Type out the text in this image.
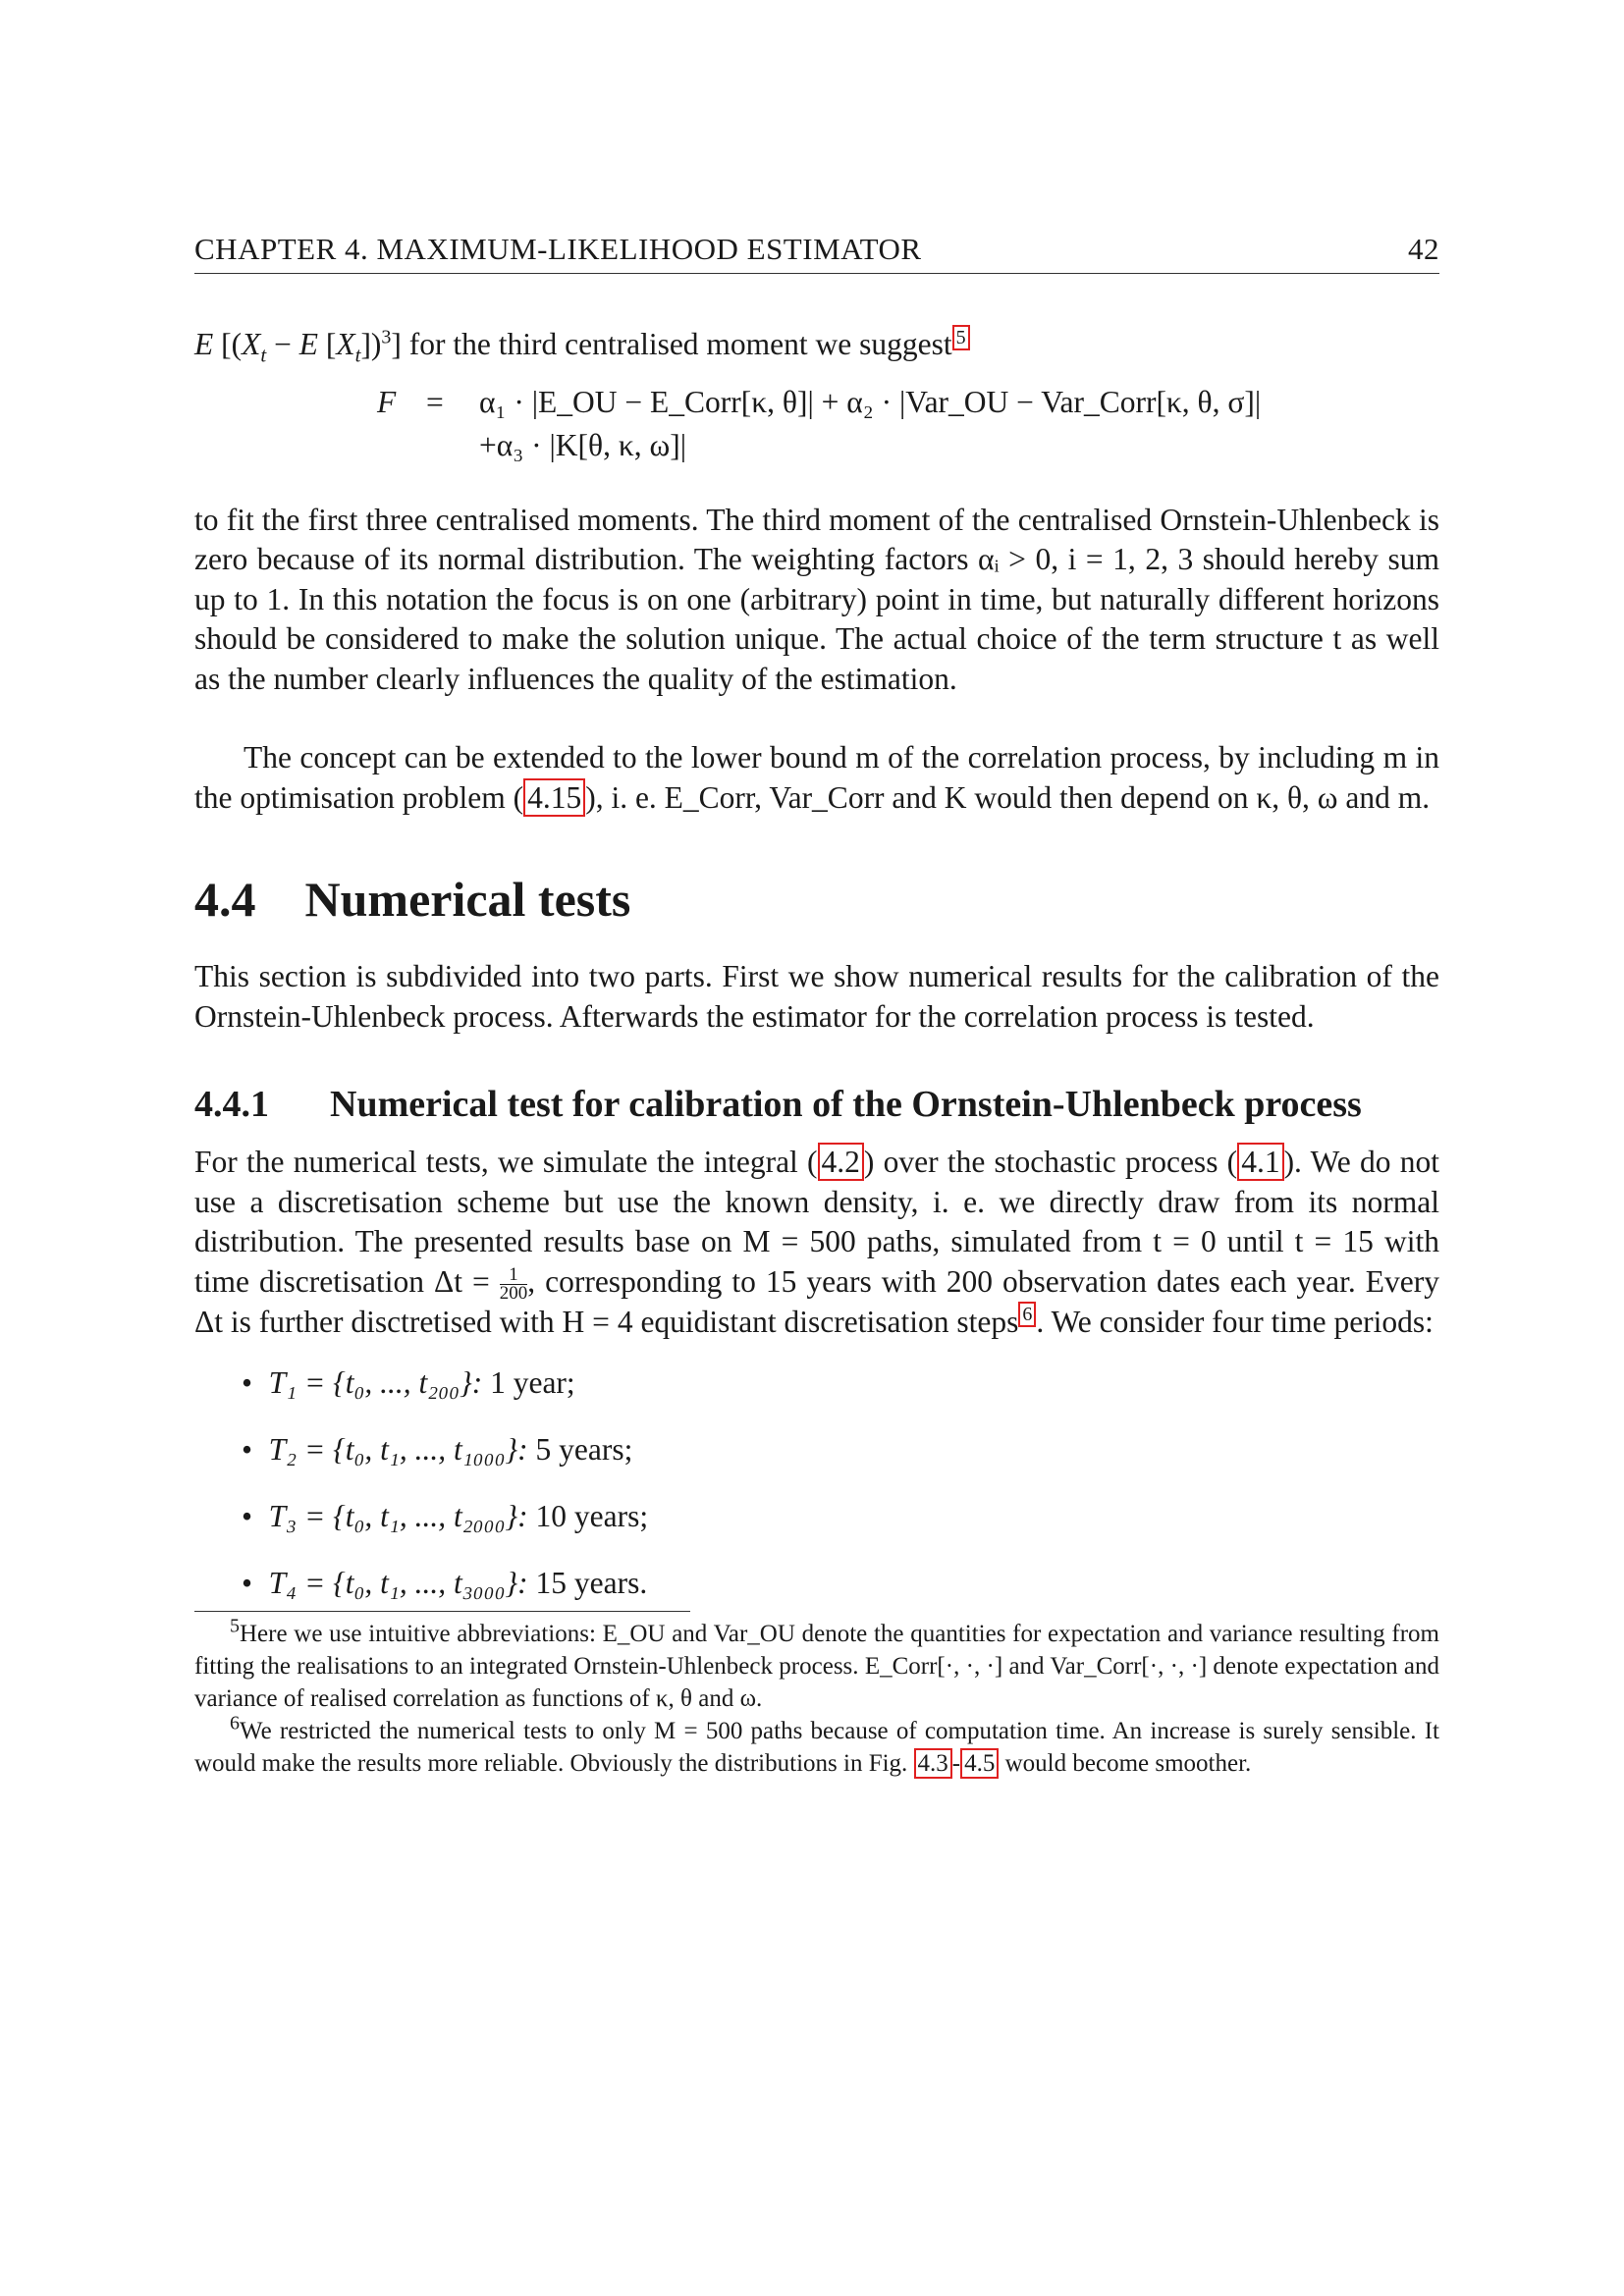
CHAPTER 4. MAXIMUM-LIKELIHOOD ESTIMATOR	42

E [($X_t - E$ $[X_t])^3$] for the third centralised moment we suggest $^5$

F = α₁ · |E_OU − E_Corr[κ, θ]| + α₂ · |Var_OU − Var_Corr[κ, θ, σ]|
+α₃ · |K[θ, κ, ω]|

to fit the first three centralised moments. The third moment of the centralised Ornstein-Uhlenbeck is zero because of its normal distribution. The weighting factors αᵢ > 0, i = 1, 2, 3 should hereby sum up to 1. In this notation the focus is on one (arbitrary) point in time, but naturally different horizons should be considered to make the solution unique. The actual choice of the term structure t as well as the number clearly influences the quality of the estimation.

The concept can be extended to the lower bound m of the correlation process, by including m in the optimisation problem ( 4.15 ), i. e. E_Corr, Var_Corr and K would then depend on κ, θ, ω and m.

4.4 Numerical tests

This section is subdivided into two parts. First we show numerical results for the calibration of the Ornstein-Uhlenbeck process. Afterwards the estimator for the correlation process is tested.

4.4.1	Numerical test for calibration of the Ornstein-Uhlenbeck process

For the numerical tests, we simulate the integral ( 4.2 ) over the stochastic process ( 4.1 ). We do not use a discretisation scheme but use the known density, i. e. we directly draw from its normal distribution. The presented results base on M = 500 paths, simulated from t = 0 until t = 15 with time discretisation $\Delta t = \frac{1}{200}$ , corresponding to 15 years with 200 observation dates each year. Every Δt is further disctretised with H = 4 equidistant discretisation steps $^6$ . We consider four time periods:

• T₁ = {t₀, ..., t₂₀₀}: 1 year;
• T₂ = {t₀, t₁, ..., t₁₀₀₀}: 5 years;
• T₃ = {t₀, t₁, ..., t₂₀₀₀}: 10 years;
• T₄ = {t₀, t₁, ..., t₃₀₀₀}: 15 years.

$^5$Here we use intuitive abbreviations: E_OU and Var_OU denote the quantities for expectation and variance resulting from fitting the realisations to an integrated Ornstein-Uhlenbeck process. E_Corr[·, ·, ·] and Var_Corr[·, ·, ·] denote expectation and variance of realised correlation as functions of κ, θ and ω.

$^6$We restricted the numerical tests to only M = 500 paths because of computation time. An increase is surely sensible. It would make the results more reliable. Obviously the distributions in Fig. 4.3 - 4.5 would become smoother.
